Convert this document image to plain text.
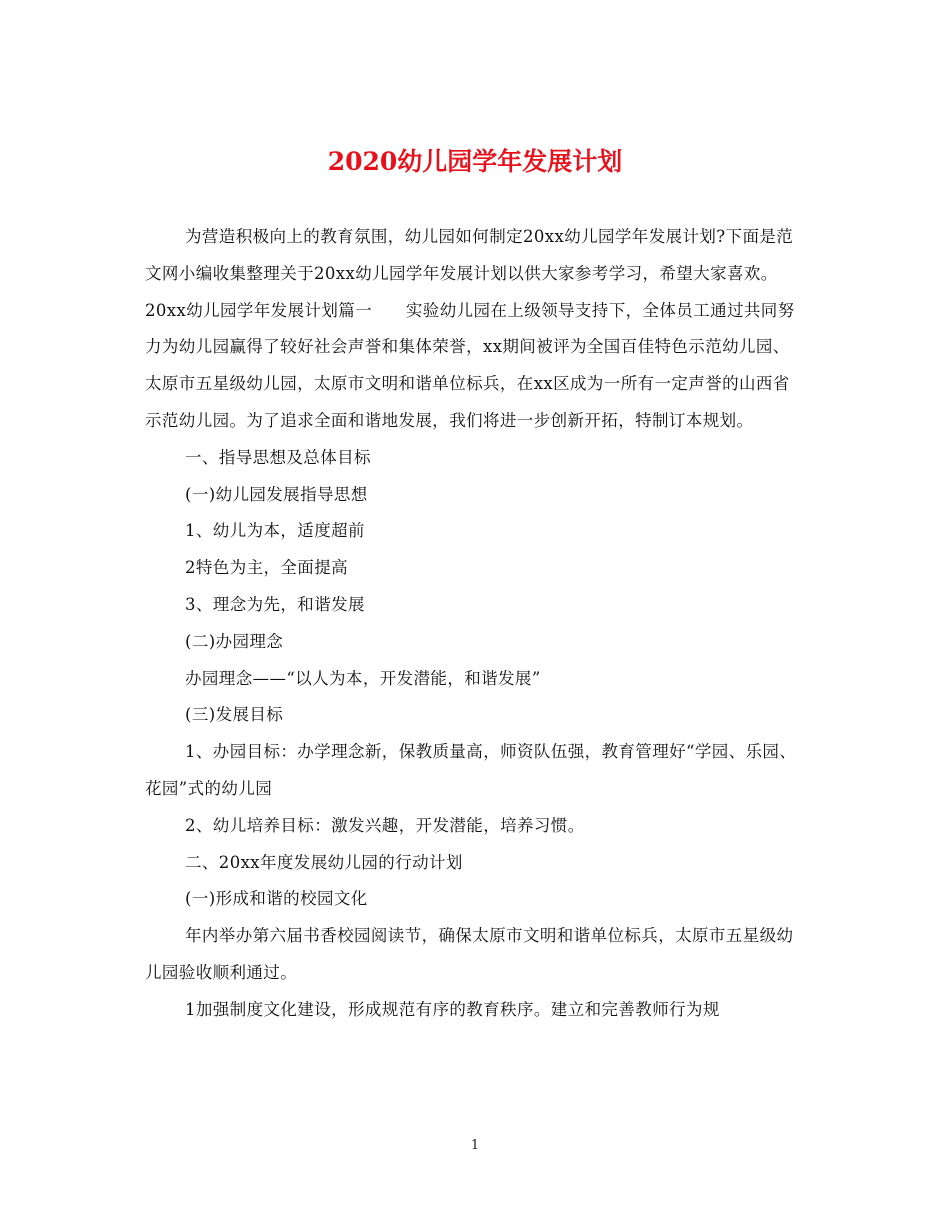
2020幼儿园学年发展计划

为营造积极向上的教育氛围，幼儿园如何制定20xx幼儿园学年发展计划?下面是范文网小编收集整理关于20xx幼儿园学年发展计划以供大家参考学习，希望大家喜欢。

20xx幼儿园学年发展计划篇一　　实验幼儿园在上级领导支持下，全体员工通过共同努力为幼儿园赢得了较好社会声誉和集体荣誉，xx期间被评为全国百佳特色示范幼儿园、太原市五星级幼儿园，太原市文明和谐单位标兵，在xx区成为一所有一定声誉的山西省示范幼儿园。为了追求全面和谐地发展，我们将进一步创新开拓，特制订本规划。

一、指导思想及总体目标

(一)幼儿园发展指导思想

1、幼儿为本，适度超前

2特色为主，全面提高

3、理念为先，和谐发展

(二)办园理念

办园理念——“以人为本，开发潜能，和谐发展”

(三)发展目标

1、办园目标：办学理念新，保教质量高，师资队伍强，教育管理好“学园、乐园、花园”式的幼儿园

2、幼儿培养目标：激发兴趣，开发潜能，培养习惯。

二、20xx年度发展幼儿园的行动计划

(一)形成和谐的校园文化

年内举办第六届书香校园阅读节，确保太原市文明和谐单位标兵，太原市五星级幼儿园验收顺利通过。

1加强制度文化建设，形成规范有序的教育秩序。建立和完善教师行为规

1
